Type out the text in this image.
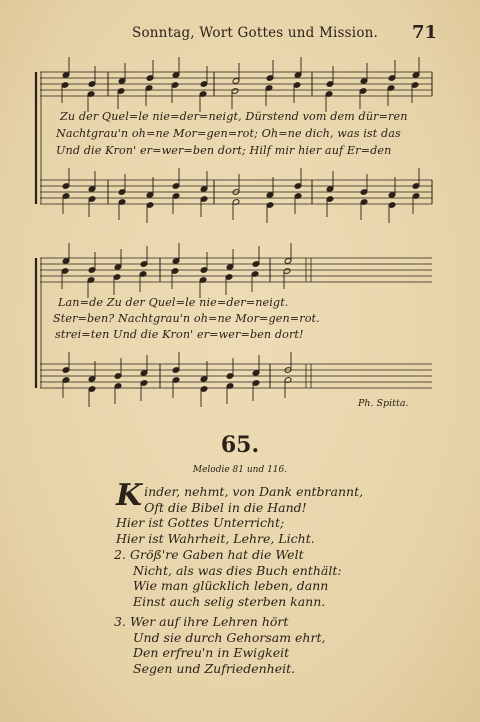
Sonntag, Wort Gottes und Mission. 71
Zu der Quel=le nie=der=neigt, Dürstend vom dem dür=ren
Nachtgrau'n oh=ne Mor=gen=rot; Oh=ne dich, was ist das
Und die Kron' er=wer=ben dort; Hilf mir hier auf Er=den
Lan=de Zu der Quel=le nie=der=neigt.
Ster=ben? Nachtgrau'n oh=ne Mor=gen=rot.
strei=ten Und die Kron' er=wer=ben dort!
Ph. Spitta.
65.
Melodie 81 und 116.
K inder, nehmt, von Dank entbrannt,
Oft die Bibel in die Hand!
Hier ist Gottes Unterricht;
Hier ist Wahrheit, Lehre, Licht.
2. Größ're Gaben hat die Welt
Nicht, als was dies Buch enthält:
Wie man glücklich leben, dann
Einst auch selig sterben kann.
3. Wer auf ihre Lehren hört
Und sie durch Gehorsam ehrt,
Den erfreu'n in Ewigkeit
Segen und Zufriedenheit.
